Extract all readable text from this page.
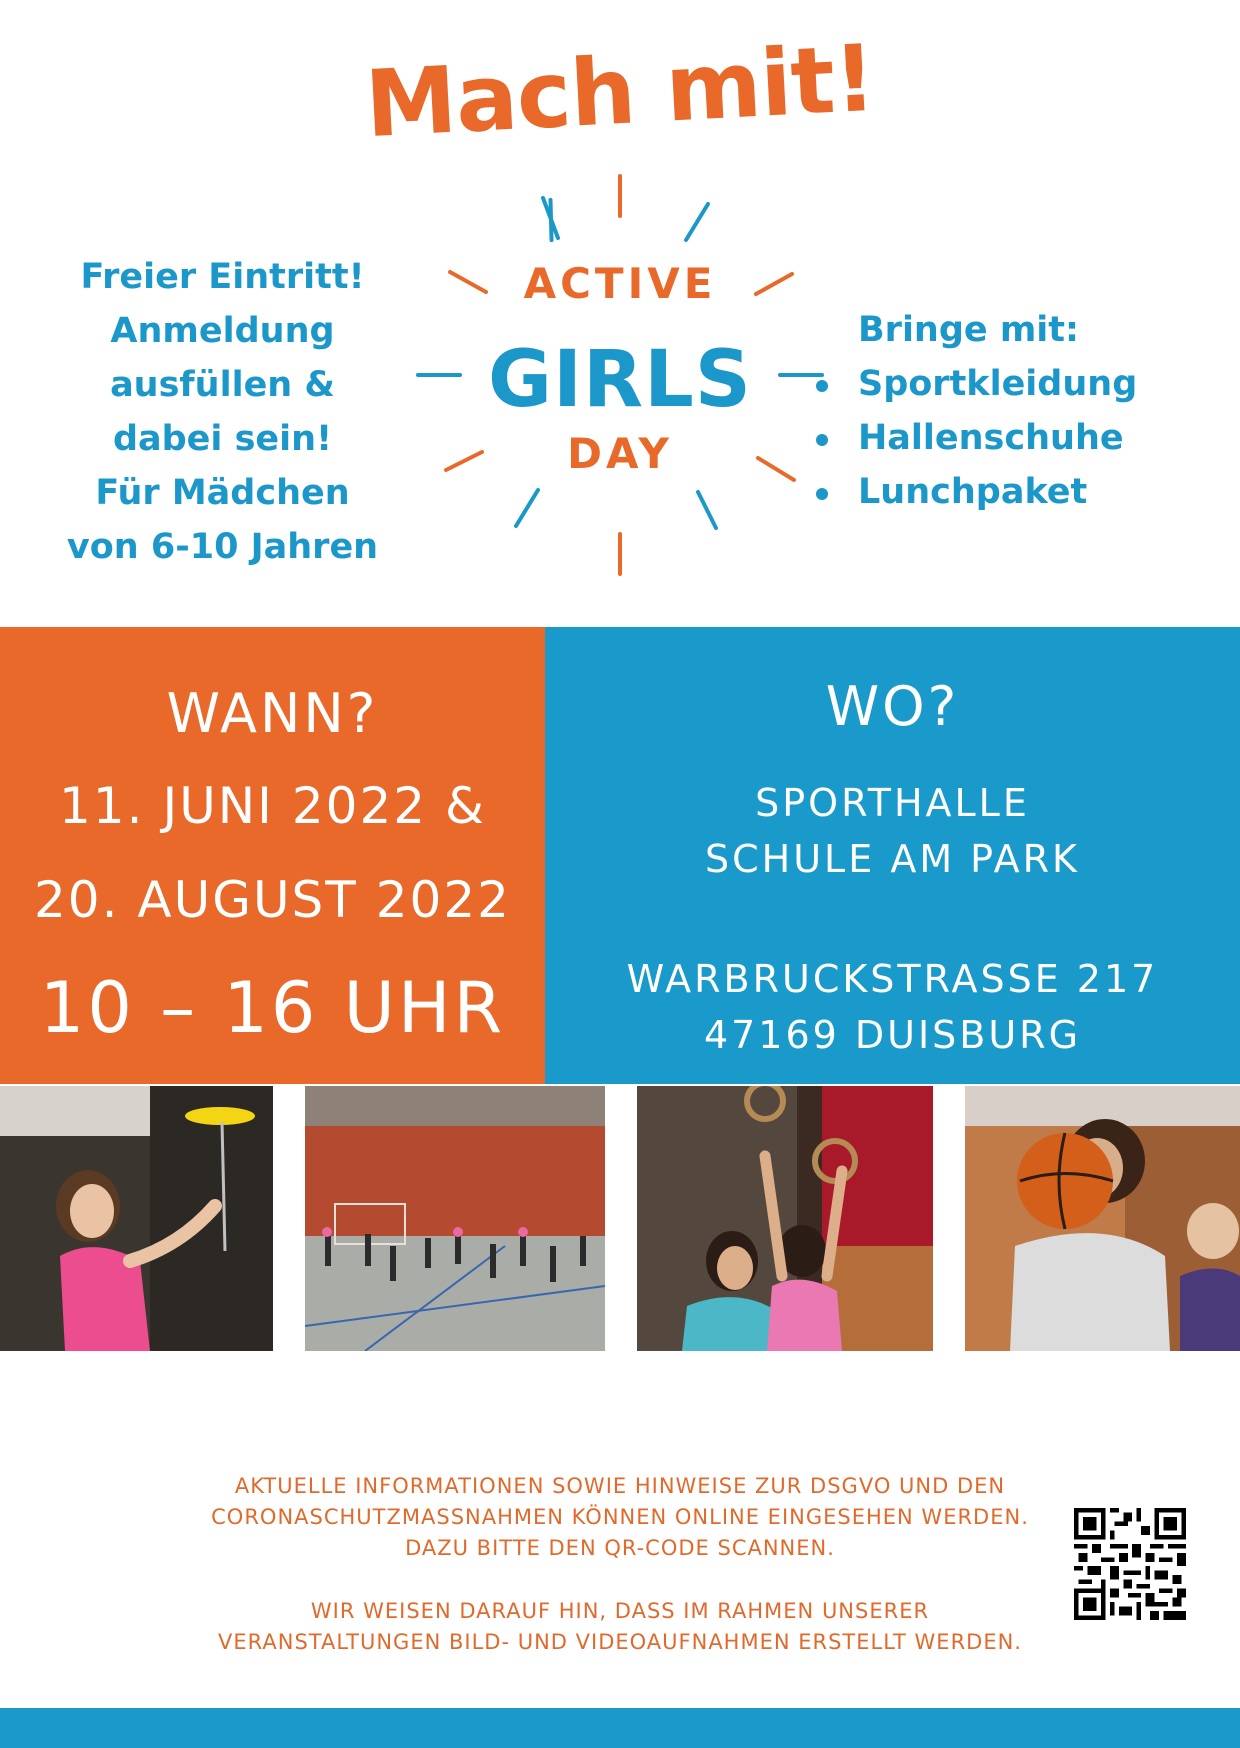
Mach mit!
Freier Eintritt!
Anmeldung
ausfüllen &
dabei sein!
Für Mädchen
von 6-10 Jahren
ACTIVE
GIRLS
DAY
Bringe mit:
Sportkleidung
Hallenschuhe
Lunchpaket
WANN?
11. JUNI 2022 &
20. AUGUST 2022
10 – 16 UHR
WO?
SPORTHALLE
SCHULE AM PARK
WARBRUCKSTRASSE 217
47169 DUISBURG
AKTUELLE INFORMATIONEN SOWIE HINWEISE ZUR DSGVO UND DEN
CORONASCHUTZMASSNAHMEN KÖNNEN ONLINE EINGESEHEN WERDEN.
DAZU BITTE DEN QR-CODE SCANNEN.
WIR WEISEN DARAUF HIN, DASS IM RAHMEN UNSERER
VERANSTALTUNGEN BILD- UND VIDEOAUFNAHMEN ERSTELLT WERDEN.
